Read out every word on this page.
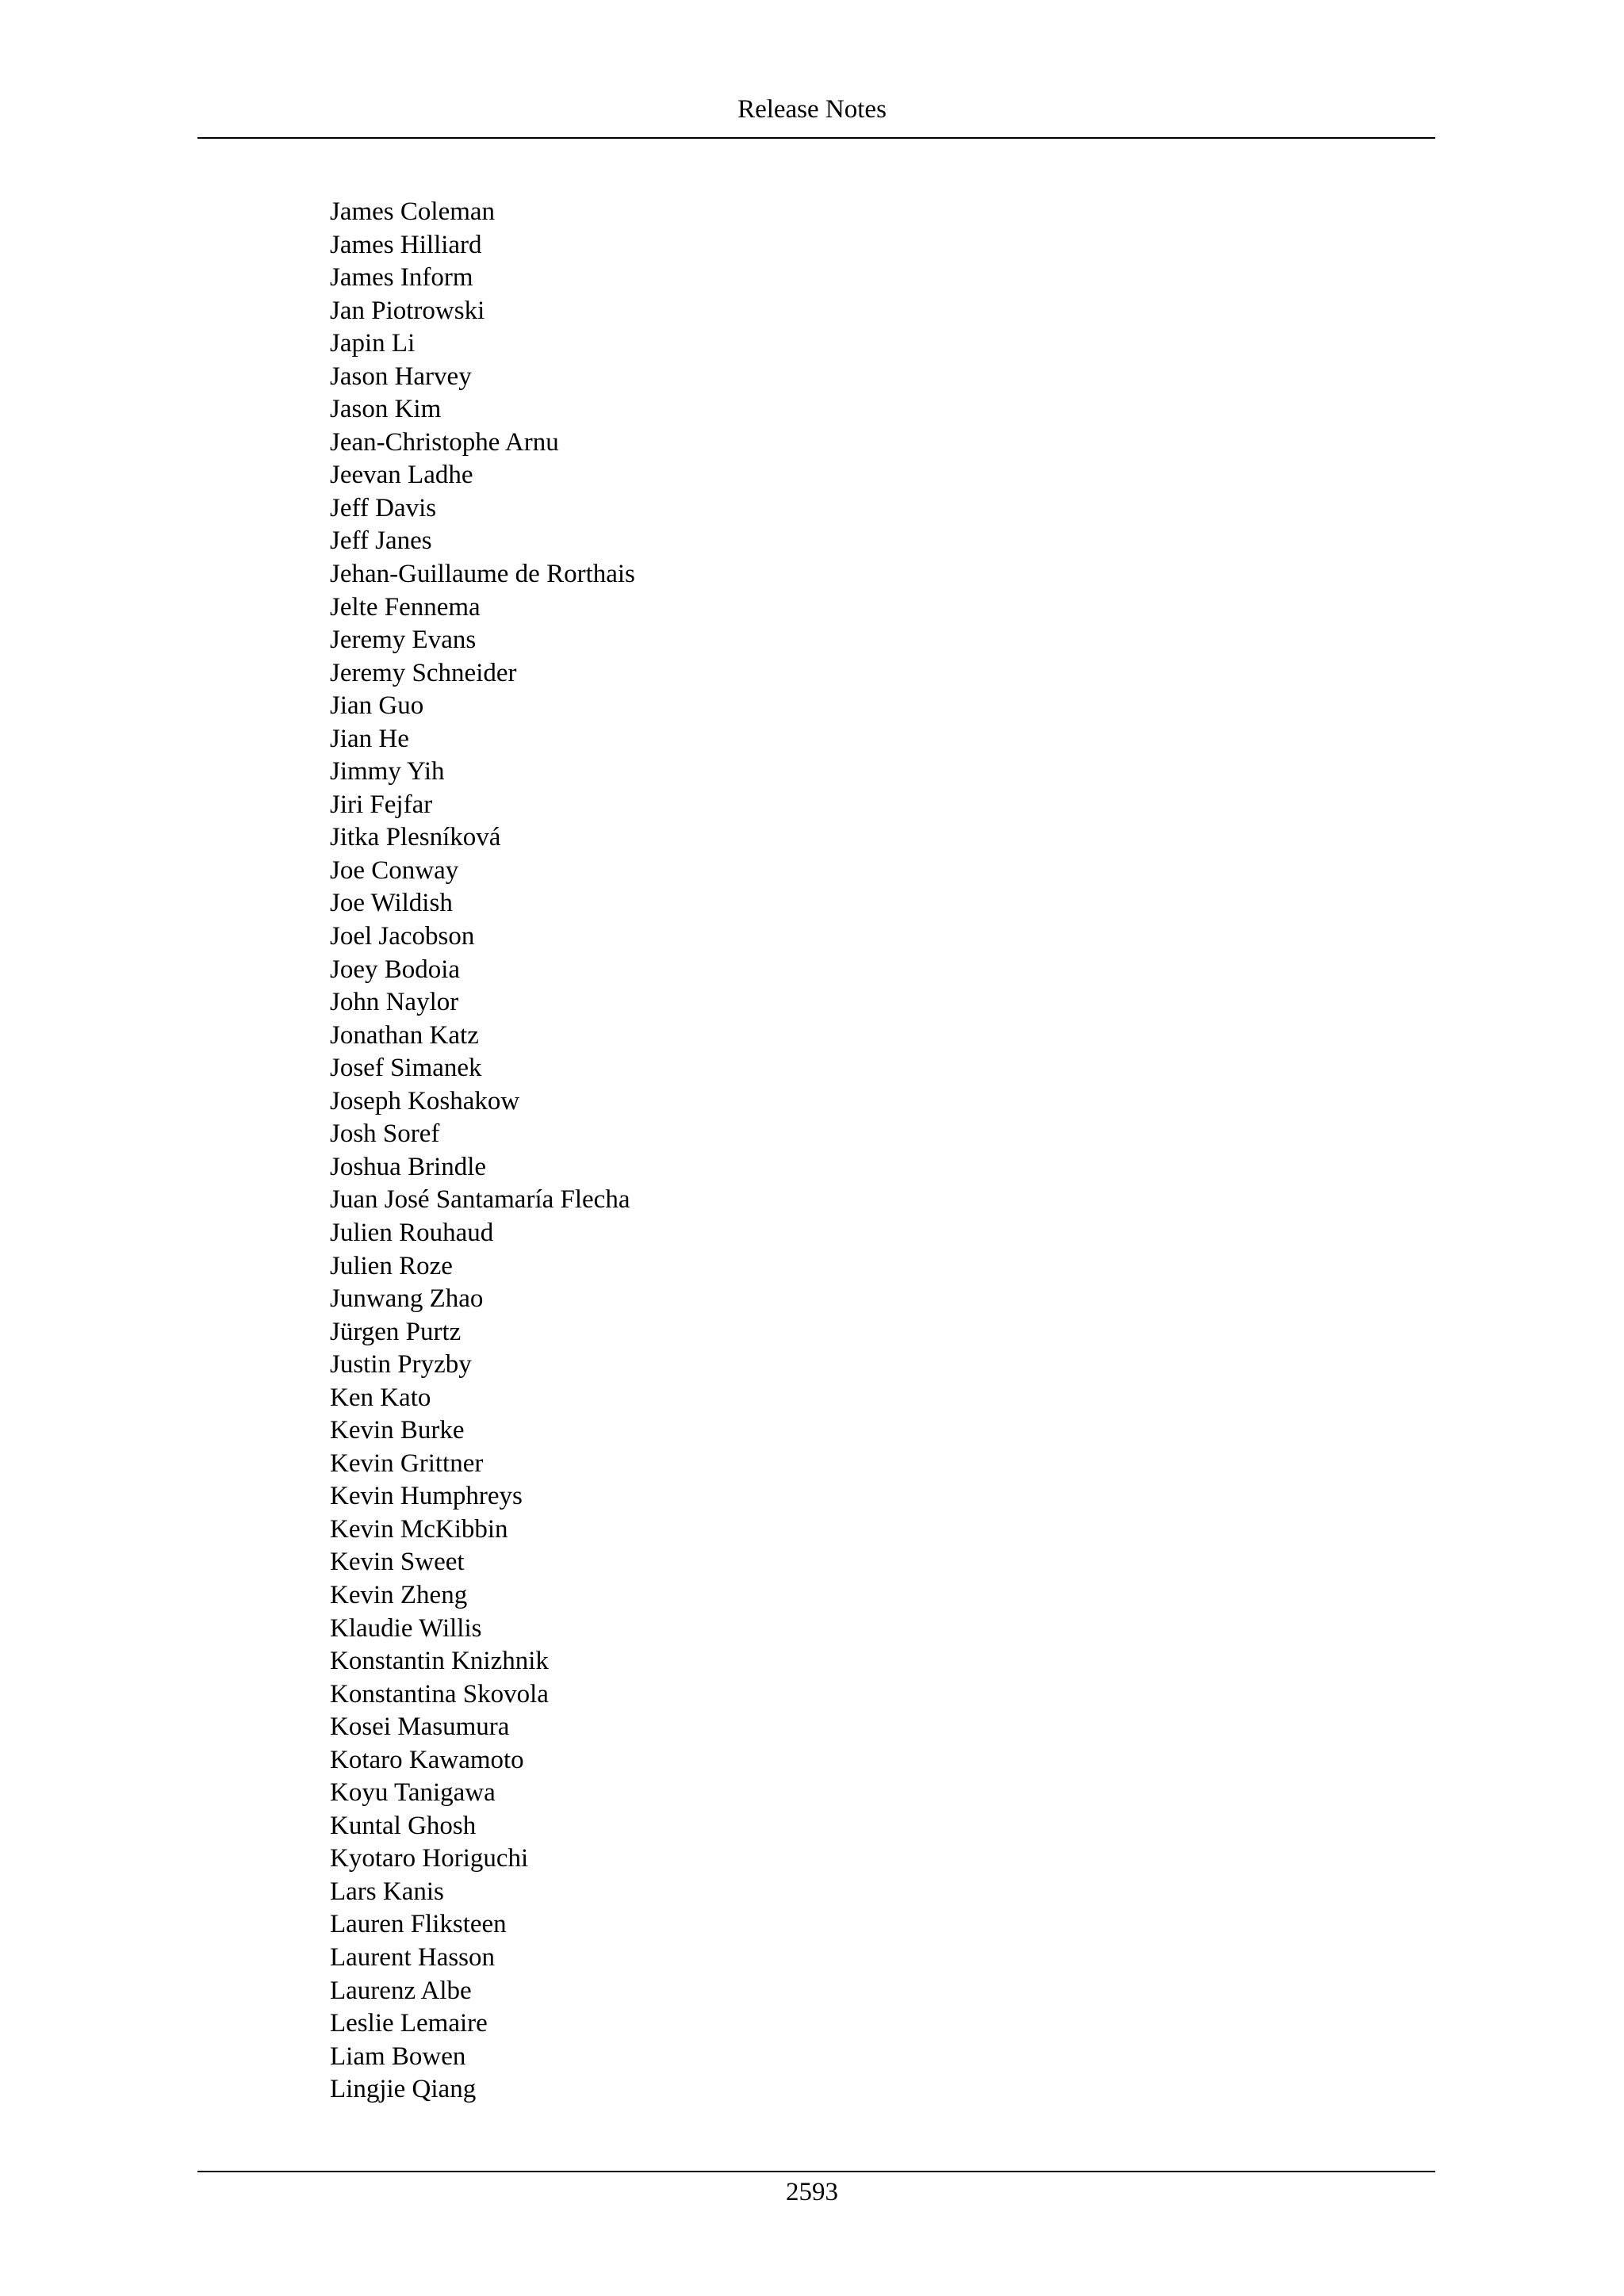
Release Notes
James Coleman
James Hilliard
James Inform
Jan Piotrowski
Japin Li
Jason Harvey
Jason Kim
Jean-Christophe Arnu
Jeevan Ladhe
Jeff Davis
Jeff Janes
Jehan-Guillaume de Rorthais
Jelte Fennema
Jeremy Evans
Jeremy Schneider
Jian Guo
Jian He
Jimmy Yih
Jiri Fejfar
Jitka Plesníková
Joe Conway
Joe Wildish
Joel Jacobson
Joey Bodoia
John Naylor
Jonathan Katz
Josef Simanek
Joseph Koshakow
Josh Soref
Joshua Brindle
Juan José Santamaría Flecha
Julien Rouhaud
Julien Roze
Junwang Zhao
Jürgen Purtz
Justin Pryzby
Ken Kato
Kevin Burke
Kevin Grittner
Kevin Humphreys
Kevin McKibbin
Kevin Sweet
Kevin Zheng
Klaudie Willis
Konstantin Knizhnik
Konstantina Skovola
Kosei Masumura
Kotaro Kawamoto
Koyu Tanigawa
Kuntal Ghosh
Kyotaro Horiguchi
Lars Kanis
Lauren Fliksteen
Laurent Hasson
Laurenz Albe
Leslie Lemaire
Liam Bowen
Lingjie Qiang
2593
